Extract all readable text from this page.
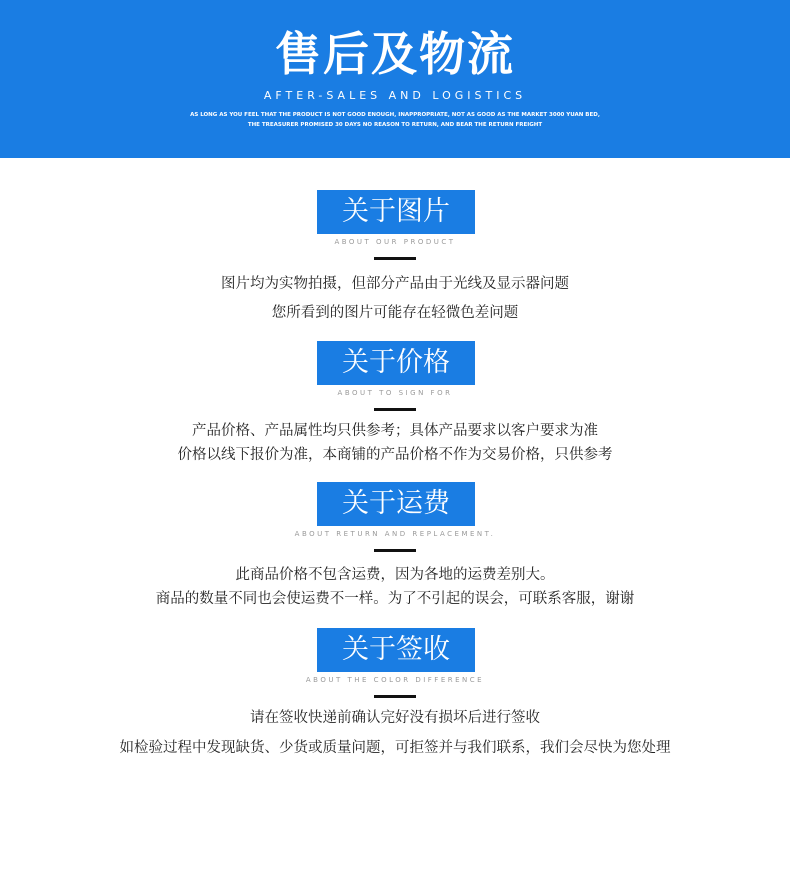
售后及物流
AFTER-SALES AND LOGISTICS
AS LONG AS YOU FEEL THAT THE PRODUCT IS NOT GOOD ENOUGH, INAPPROPRIATE, NOT AS GOOD AS THE MARKET 3000 YUAN BED,
THE TREASURER PROMISED 30 DAYS NO REASON TO RETURN, AND BEAR THE RETURN FREIGHT
关于图片
ABOUT OUR PRODUCT
图片均为实物拍摄，但部分产品由于光线及显示器问题
您所看到的图片可能存在轻微色差问题
关于价格
ABOUT TO SIGN FOR
产品价格、产品属性均只供参考；具体产品要求以客户要求为准
价格以线下报价为准，本商铺的产品价格不作为交易价格，只供参考
关于运费
ABOUT RETURN AND REPLACEMENT.
此商品价格不包含运费，因为各地的运费差别大。
商品的数量不同也会使运费不一样。为了不引起的误会，可联系客服，谢谢
关于签收
ABOUT THE COLOR DIFFERENCE
请在签收快递前确认完好没有损坏后进行签收
如检验过程中发现缺货、少货或质量问题，可拒签并与我们联系，我们会尽快为您处理
